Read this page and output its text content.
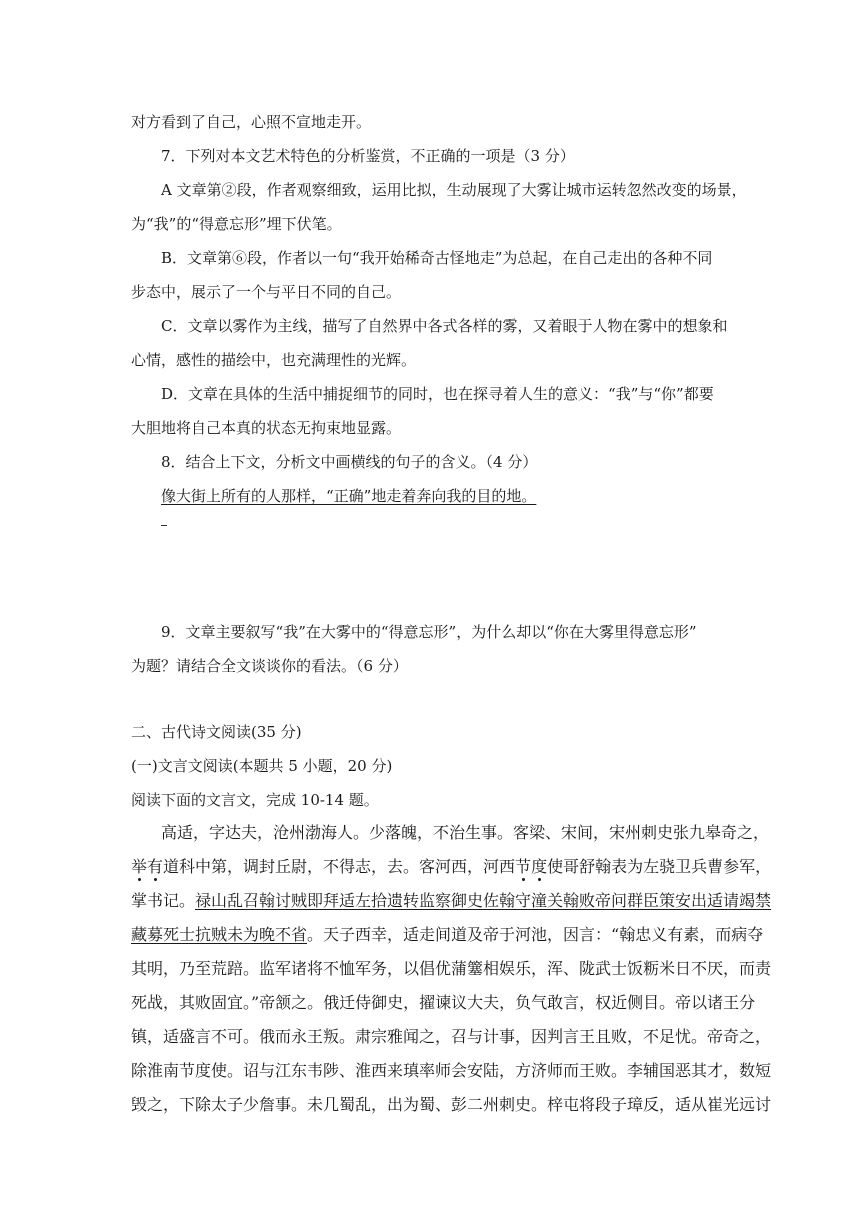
对方看到了自己，心照不宣地走开。
7．下列对本文艺术特色的分析鉴赏，不正确的一项是（3 分）
A 文章第②段，作者观察细致，运用比拟，生动展现了大雾让城市运转忽然改变的场景，
为“我”的“得意忘形”埋下伏笔。
B．文章第⑥段，作者以一句“我开始稀奇古怪地走”为总起，在自己走出的各种不同
步态中，展示了一个与平日不同的自己。
C．文章以雾作为主线，描写了自然界中各式各样的雾，又着眼于人物在雾中的想象和
心情，感性的描绘中，也充满理性的光辉。
D．文章在具体的生活中捕捉细节的同时，也在探寻着人生的意义：“我”与“你”都要
大胆地将自己本真的状态无拘束地显露。
8．结合上下文，分析文中画横线的句子的含义。（4 分）
像大街上所有的人那样，“正确”地走着奔向我的目的地。
9．文章主要叙写“我”在大雾中的“得意忘形”，为什么却以“你在大雾里得意忘形”
为题？请结合全文谈谈你的看法。（6 分）
二、古代诗文阅读(35 分)
(一)文言文阅读(本题共 5 小题，20 分)
阅读下面的文言文，完成 10-14 题。
高适，字达夫，沧州渤海人。少落魄，不治生事。客梁、宋间，宋州刺史张九皋奇之，
举有道科中第，调封丘尉，不得志，去。客河西，河西节度使哥舒翰表为左骁卫兵曹参军，
掌书记。禄山乱召翰讨贼即拜适左拾遗转监察御史佐翰守潼关翰败帝问群臣策安出适请竭禁
藏募死士抗贼未为晚不省。天子西幸，适走间道及帝于河池，因言：“翰忠义有素，而病夺
其明，乃至荒踣。监军诸将不恤军务，以倡优蒲簺相娱乐，浑、陇武士饭粝米日不厌，而责
死战，其败固宜。”帝颔之。俄迁侍御史，擢谏议大夫，负气敢言，权近侧目。帝以诸王分
镇，适盛言不可。俄而永王叛。肃宗雅闻之，召与计事，因判言王且败，不足忧。帝奇之，
除淮南节度使。诏与江东韦陟、淮西来瑱率师会安陆，方济师而王败。李辅国恶其才，数短
毁之，下除太子少詹事。未几蜀乱，出为蜀、彭二州刺史。梓屯将段子璋反，适从崔光远讨
